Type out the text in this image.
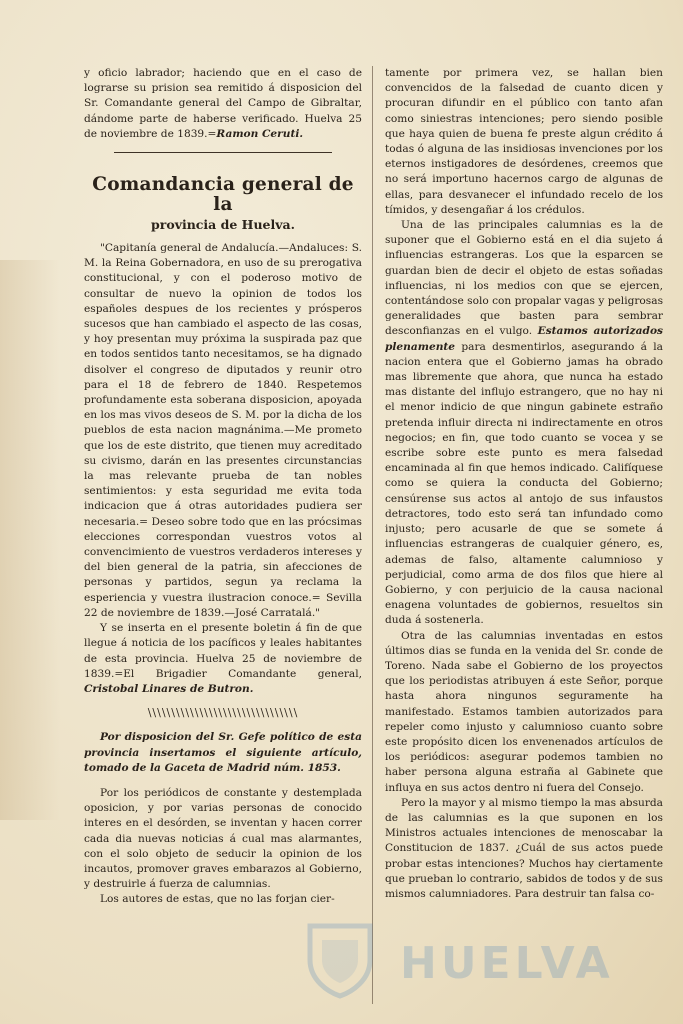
y oficio labrador; haciendo que en el caso de lograrse su prision sea remitido á disposicion del Sr. Comandante general del Campo de Gibraltar, dándome parte de haberse verificado. Huelva 25 de noviembre de 1839.=Ramon Ceruti.

Comandancia general de la
provincia de Huelva.

"Capitanía general de Andalucía.—Andaluces: S. M. la Reina Gobernadora, en uso de su prerogativa constitucional, y con el poderoso motivo de consultar de nuevo la opinion de todos los españoles despues de los recientes y prósperos sucesos que han cambiado el aspecto de las cosas, y hoy presentan muy próxima la suspirada paz que en todos sentidos tanto necesitamos, se ha dignado disolver el congreso de diputados y reunir otro para el 18 de febrero de 1840. Respetemos profundamente esta soberana disposicion, apoyada en los mas vivos deseos de S. M. por la dicha de los pueblos de esta nacion magnánima.—Me prometo que los de este distrito, que tienen muy acreditado su civismo, darán en las presentes circunstancias la mas relevante prueba de tan nobles sentimientos: y esta seguridad me evita toda indicacion que á otras autoridades pudiera ser necesaria.= Deseo sobre todo que en las prócsimas elecciones correspondan vuestros votos al convencimiento de vuestros verdaderos intereses y del bien general de la patria, sin afecciones de personas y partidos, segun ya reclama la esperiencia y vuestra ilustracion conoce.= Sevilla 22 de noviembre de 1839.—José Carratalá."

Y se inserta en el presente boletin á fin de que llegue á noticia de los pacíficos y leales habitantes de esta provincia. Huelva 25 de noviembre de 1839.=El Brigadier Comandante general, Cristobal Linares de Butron.

\\\\\\\\\\\\\\\\\\\\\\\\\\\\\\\\

Por disposicion del Sr. Gefe político de esta provincia insertamos el siguiente artículo, tomado de la Gaceta de Madrid núm. 1853.

Por los periódicos de constante y destemplada oposicion, y por varias personas de conocido interes en el desórden, se inventan y hacen correr cada dia nuevas noticias á cual mas alarmantes, con el solo objeto de seducir la opinion de los incautos, promover graves embarazos al Gobierno, y destruirle á fuerza de calumnias.

Los autores de estas, que no las forjan cier-

tamente por primera vez, se hallan bien convencidos de la falsedad de cuanto dicen y procuran difundir en el público con tanto afan como siniestras intenciones; pero siendo posible que haya quien de buena fe preste algun crédito á todas ó alguna de las insidiosas invenciones por los eternos instigadores de desórdenes, creemos que no será importuno hacernos cargo de algunas de ellas, para desvanecer el infundado recelo de los tímidos, y desengañar á los crédulos.

Una de las principales calumnias es la de suponer que el Gobierno está en el dia sujeto á influencias estrangeras. Los que la esparcen se guardan bien de decir el objeto de estas soñadas influencias, ni los medios con que se ejercen, contentándose solo con propalar vagas y peligrosas generalidades que basten para sembrar desconfianzas en el vulgo. Estamos autorizados plenamente para desmentirlos, asegurando á la nacion entera que el Gobierno jamas ha obrado mas libremente que ahora, que nunca ha estado mas distante del influjo estrangero, que no hay ni el menor indicio de que ningun gabinete estraño pretenda influir directa ni indirectamente en otros negocios; en fin, que todo cuanto se vocea y se escribe sobre este punto es mera falsedad encaminada al fin que hemos indicado. Califíquese como se quiera la conducta del Gobierno; censúrense sus actos al antojo de sus infaustos detractores, todo esto será tan infundado como injusto; pero acusarle de que se somete á influencias estrangeras de cualquier género, es, ademas de falso, altamente calumnioso y perjudicial, como arma de dos filos que hiere al Gobierno, y con perjuicio de la causa nacional enagena voluntades de gobiernos, resueltos sin duda á sostenerla.

Otra de las calumnias inventadas en estos últimos dias se funda en la venida del Sr. conde de Toreno. Nada sabe el Gobierno de los proyectos que los periodistas atribuyen á este Señor, porque hasta ahora ningunos seguramente ha manifestado. Estamos tambien autorizados para repeler como injusto y calumnioso cuanto sobre este propósito dicen los envenenados artículos de los periódicos: asegurar podemos tambien no haber persona alguna estraña al Gabinete que influya en sus actos dentro ni fuera del Consejo.

Pero la mayor y al mismo tiempo la mas absurda de las calumnias es la que suponen en los Ministros actuales intenciones de menoscabar la Constitucion de 1837. ¿Cuál de sus actos puede probar estas intenciones? Muchos hay ciertamente que prueban lo contrario, sabidos de todos y de sus mismos calumniadores. Para destruir tan falsa co-

HUELVA
